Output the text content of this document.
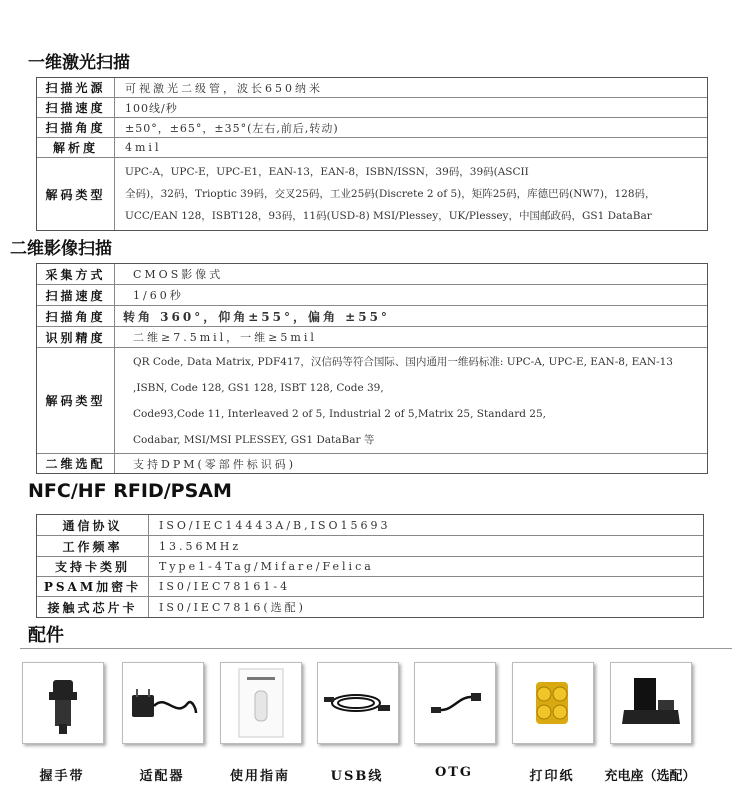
一维激光扫描
扫描光源	可视激光二级管，波长650纳米
扫描速度	100线/秒
扫描角度	±50°，±65°，±35°(左右,前后,转动)
解析度	4mil
解码类型
UPC-A，UPC-E，UPC-E1，EAN-13，EAN-8，ISBN/ISSN，39码，39码(ASCII
全码)，32码，Trioptic 39码，交叉25码，工业25码(Discrete 2 of 5)，矩阵25码，库德巴码(NW7)，128码，
UCC/EAN 128，ISBT128，93码，11码(USD-8) MSI/Plessey，UK/Plessey，中国邮政码，GS1 DataBar
二维影像扫描
采集方式	CMOS影像式
扫描速度	1/60秒
扫描角度	转角 360°，仰角±55°，偏角 ±55°
识别精度	二维≥7.5mil，一维≥5mil
解码类型
QR Code, Data Matrix, PDF417，汉信码等符合国际、国内通用一维码标准: UPC-A, UPC-E, EAN-8, EAN-13
,ISBN, Code 128, GS1 128, ISBT 128, Code 39,
Code93,Code 11, Interleaved 2 of 5, Industrial 2 of 5,Matrix 25, Standard 25,
Codabar, MSI/MSI PLESSEY, GS1 DataBar 等
二维选配	支持DPM(零部件标识码)
NFC/HF RFID/PSAM
通信协议	ISO/IEC14443A/B,ISO15693
工作频率	13.56MHz
支持卡类别	Type1-4Tag/Mifare/Felica
PSAM加密卡	IS0/IEC78161-4
接触式芯片卡	IS0/IEC7816(选配)
配件
握手带	适配器	使用指南	USB线	OTG	打印纸	充电座（选配）
